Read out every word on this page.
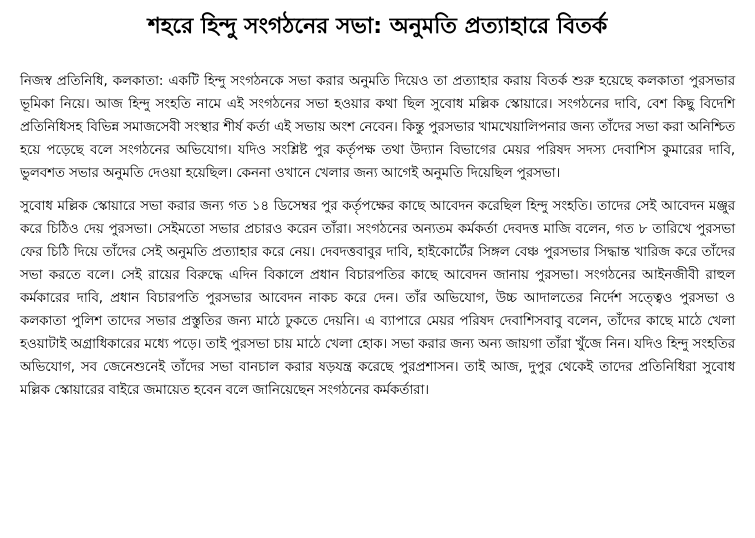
শহরে হিন্দু সংগঠনের সভা: অনুমতি প্রত্যাহারে বিতর্ক

নিজস্ব প্রতিনিধি, কলকাতা: একটি হিন্দু সংগঠনকে সভা করার অনুমতি দিয়েও তা প্রত্যাহার করায় বিতর্ক শুরু হয়েছে কলকাতা পুরসভার ভূমিকা নিয়ে। আজ হিন্দু সংহতি নামে এই সংগঠনের সভা হওয়ার কথা ছিল সুবোধ মল্লিক স্কোয়ারে। সংগঠনের দাবি, বেশ কিছু বিদেশি প্রতিনিধিসহ বিভিন্ন সমাজসেবী সংস্থার শীর্ষ কর্তা এই সভায় অংশ নেবেন। কিন্তু পুরসভার খামখেয়ালিপনার জন্য তাঁদের সভা করা অনিশ্চিত হয়ে পড়েছে বলে সংগঠনের অভিযোগ। যদিও সংশ্লিষ্ট পুর কর্তৃপক্ষ তথা উদ্যান বিভাগের মেয়র পরিষদ সদস্য দেবাশিস কুমারের দাবি, ভুলবশত সভার অনুমতি দেওয়া হয়েছিল। কেননা ওখানে খেলার জন্য আগেই অনুমতি দিয়েছিল পুরসভা।

সুবোধ মল্লিক স্কোয়ারে সভা করার জন্য গত ১৪ ডিসেম্বর পুর কর্তৃপক্ষের কাছে আবেদন করেছিল হিন্দু সংহতি। তাদের সেই আবেদন মঞ্জুর করে চিঠিও দেয় পুরসভা। সেইমতো সভার প্রচারও করেন তাঁরা। সংগঠনের অন্যতম কর্মকর্তা দেবদত্ত মাজি বলেন, গত ৮ তারিখে পুরসভা ফের চিঠি দিয়ে তাঁদের সেই অনুমতি প্রত্যাহার করে নেয়। দেবদত্তবাবুর দাবি, হাইকোর্টের সিঙ্গল বেঞ্চ পুরসভার সিদ্ধান্ত খারিজ করে তাঁদের সভা করতে বলে। সেই রায়ের বিরুদ্ধে এদিন বিকালে প্রধান বিচারপতির কাছে আবেদন জানায় পুরসভা। সংগঠনের আইনজীবী রাহুল কর্মকারের দাবি, প্রধান বিচারপতি পুরসভার আবেদন নাকচ করে দেন। তাঁর অভিযোগ, উচ্চ আদালতের নির্দেশ সত্ত্বেও পুরসভা ও কলকাতা পুলিশ তাদের সভার প্রস্তুতির জন্য মাঠে ঢুকতে দেয়নি। এ ব্যাপারে মেয়র পরিষদ দেবাশিসবাবু বলেন, তাঁদের কাছে মাঠে খেলা হওয়াটাই অগ্রাধিকারের মধ্যে পড়ে। তাই পুরসভা চায় মাঠে খেলা হোক। সভা করার জন্য অন্য জায়গা তাঁরা খুঁজে নিন। যদিও হিন্দু সংহতির অভিযোগ, সব জেনেশুনেই তাঁদের সভা বানচাল করার ষড়যন্ত্র করেছে পুরপ্রশাসন। তাই আজ, দুপুর থেকেই তাদের প্রতিনিধিরা সুবোধ মল্লিক স্কোয়ারের বাইরে জমায়েত হবেন বলে জানিয়েছেন সংগঠনের কর্মকর্তারা।
